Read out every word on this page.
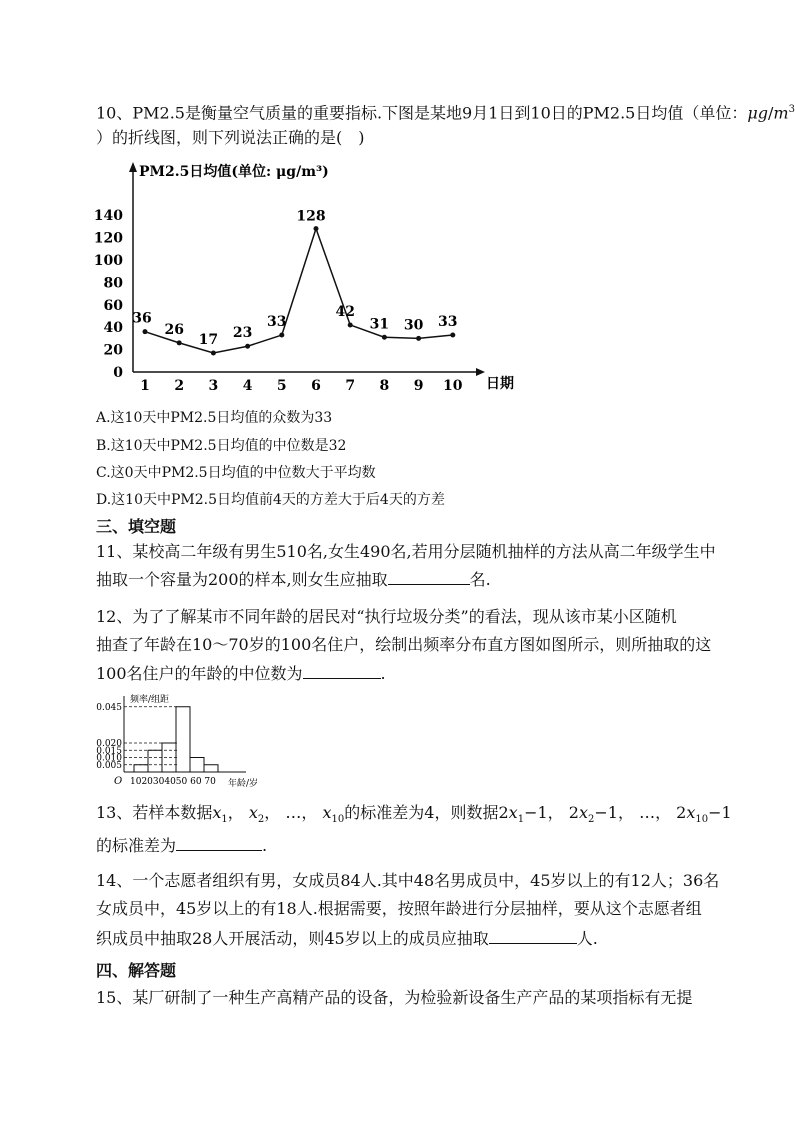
10、PM2.5是衡量空气质量的重要指标.下图是某地9月1日到10日的PM2.5日均值（单位：$\mu g/m^3$
）的折线图，则下列说法正确的是(　)
PM2.5日均值(单位: μg/m³)
日期
0
20
40
60
80
100
120
140
1 2 3 4 5 6 7 8 9 10
36
26
17 23
33
128
42
31 30 33
A.这10天中PM2.5日均值的众数为33
B.这10天中PM2.5日均值的中位数是32
C.这0天中PM2.5日均值的中位数大于平均数
D.这10天中PM2.5日均值前4天的方差大于后4天的方差
三、填空题
11、某校高二年级有男生510名,女生490名,若用分层随机抽样的方法从高二年级学生中
抽取一个容量为200的样本,则女生应抽取	名.
12、为了了解某市不同年龄的居民对“执行垃圾分类”的看法，现从该市某小区随机
抽查了年龄在10～70岁的100名住户，绘制出频率分布直方图如图所示，则所抽取的这
100名住户的年龄的中位数为	.
频率/组距
年龄/岁
O
0.045
0.020
0.015
0.010
0.005
1020304050 60 70
13、若样本数据$x_1$， $x_2$， …， $x_{10}$的标准差为4，则数据$2x_1-1$， $2x_2-1$， …， $2x_{10}-1$
的标准差为	.
14、一个志愿者组织有男，女成员84人.其中48名男成员中，45岁以上的有12人；36名
女成员中，45岁以上的有18人.根据需要，按照年龄进行分层抽样，要从这个志愿者组
织成员中抽取28人开展活动，则45岁以上的成员应抽取	人.
四、解答题
15、某厂研制了一种生产高精产品的设备，为检验新设备生产产品的某项指标有无提
